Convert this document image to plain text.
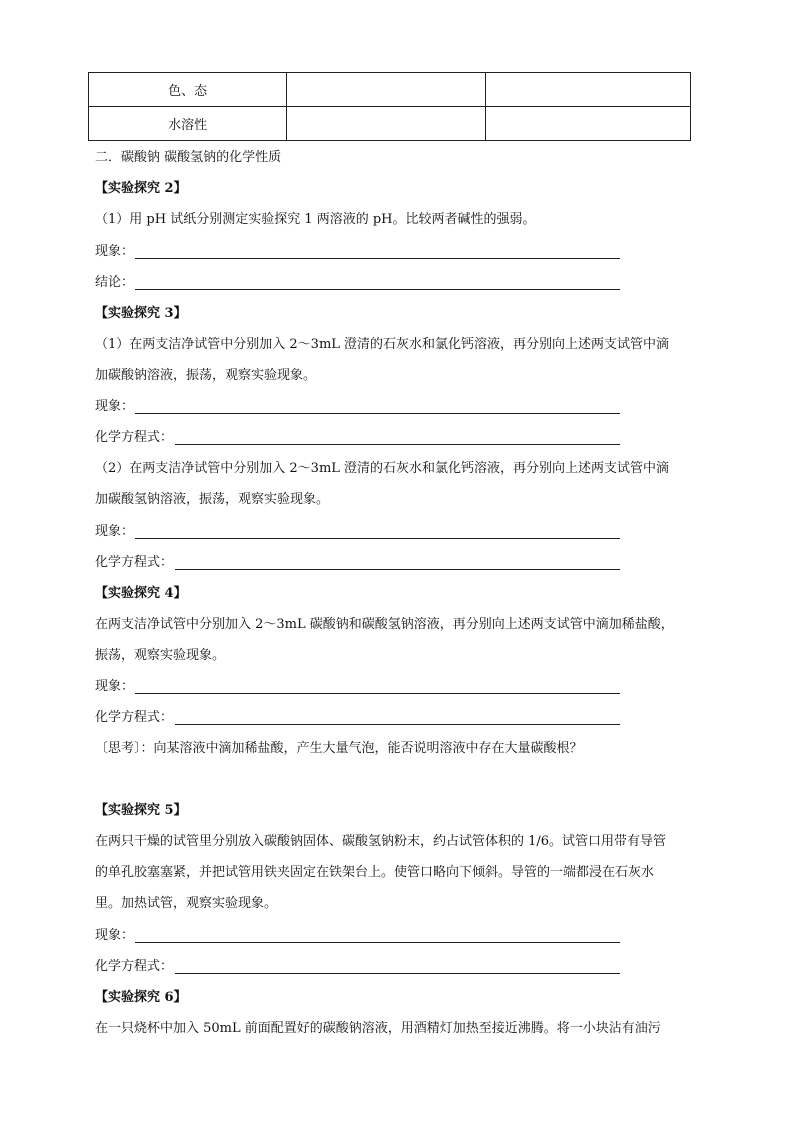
色、态		
水溶性		
二．碳酸钠 碳酸氢钠的化学性质
【实验探究 2】
（1）用 pH 试纸分别测定实验探究 1 两溶液的 pH。比较两者碱性的强弱。
现象：
结论：
【实验探究 3】
（1）在两支洁净试管中分别加入 2～3mL 澄清的石灰水和氯化钙溶液，再分别向上述两支试管中滴
加碳酸钠溶液，振荡，观察实验现象。
现象：
化学方程式：
（2）在两支洁净试管中分别加入 2～3mL 澄清的石灰水和氯化钙溶液，再分别向上述两支试管中滴
加碳酸氢钠溶液，振荡，观察实验现象。
现象：
化学方程式：
【实验探究 4】
在两支洁净试管中分别加入 2～3mL 碳酸钠和碳酸氢钠溶液，再分别向上述两支试管中滴加稀盐酸，
振荡，观察实验现象。
现象：
化学方程式：
〔思考〕：向某溶液中滴加稀盐酸，产生大量气泡，能否说明溶液中存在大量碳酸根？
【实验探究 5】
在两只干燥的试管里分别放入碳酸钠固体、碳酸氢钠粉末，约占试管体积的 1/6。试管口用带有导管
的单孔胶塞塞紧，并把试管用铁夹固定在铁架台上。使管口略向下倾斜。导管的一端都浸在石灰水
里。加热试管，观察实验现象。
现象：
化学方程式：
【实验探究 6】
在一只烧杯中加入 50mL 前面配置好的碳酸钠溶液，用酒精灯加热至接近沸腾。将一小块沾有油污
